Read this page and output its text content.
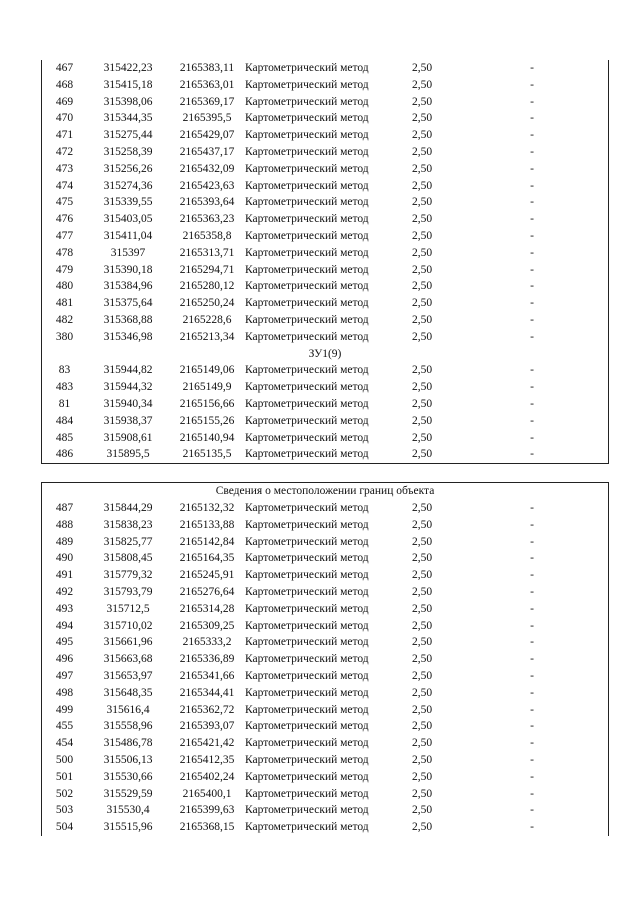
467	315422,23	2165383,11 Картометрический метод	2,50	-
468	315415,18	2165363,01 Картометрический метод	2,50	-
469	315398,06	2165369,17 Картометрический метод	2,50	-
470	315344,35	2165395,5	Картометрический метод	2,50	-
471	315275,44	2165429,07 Картометрический метод	2,50	-
472	315258,39	2165437,17 Картометрический метод	2,50	-
473	315256,26	2165432,09 Картометрический метод	2,50	-
474	315274,36	2165423,63 Картометрический метод	2,50	-
475	315339,55	2165393,64 Картометрический метод	2,50	-
476	315403,05	2165363,23 Картометрический метод	2,50	-
477	315411,04	2165358,8	Картометрический метод	2,50	-
478	315397	2165313,71 Картометрический метод	2,50	-
479	315390,18	2165294,71 Картометрический метод	2,50	-
480	315384,96	2165280,12 Картометрический метод	2,50	-
481	315375,64	2165250,24 Картометрический метод	2,50	-
482	315368,88	2165228,6	Картометрический метод	2,50	-
380	315346,98	2165213,34 Картометрический метод	2,50	-
ЗУ1(9)
83	315944,82	2165149,06 Картометрический метод	2,50	-
483	315944,32	2165149,9	Картометрический метод	2,50	-
81	315940,34	2165156,66 Картометрический метод	2,50	-
484	315938,37	2165155,26 Картометрический метод	2,50	-
485	315908,61	2165140,94 Картометрический метод	2,50	-
486	315895,5	2165135,5	Картометрический метод	2,50	-
Сведения о местоположении границ объекта
487	315844,29	2165132,32 Картометрический метод	2,50	-
488	315838,23	2165133,88 Картометрический метод	2,50	-
489	315825,77	2165142,84 Картометрический метод	2,50	-
490	315808,45	2165164,35 Картометрический метод	2,50	-
491	315779,32	2165245,91 Картометрический метод	2,50	-
492	315793,79	2165276,64 Картометрический метод	2,50	-
493	315712,5	2165314,28 Картометрический метод	2,50	-
494	315710,02	2165309,25 Картометрический метод	2,50	-
495	315661,96	2165333,2	Картометрический метод	2,50	-
496	315663,68	2165336,89 Картометрический метод	2,50	-
497	315653,97	2165341,66 Картометрический метод	2,50	-
498	315648,35	2165344,41 Картометрический метод	2,50	-
499	315616,4	2165362,72 Картометрический метод	2,50	-
455	315558,96	2165393,07 Картометрический метод	2,50	-
454	315486,78	2165421,42 Картометрический метод	2,50	-
500	315506,13	2165412,35 Картометрический метод	2,50	-
501	315530,66	2165402,24 Картометрический метод	2,50	-
502	315529,59	2165400,1	Картометрический метод	2,50	-
503	315530,4	2165399,63 Картометрический метод	2,50	-
504	315515,96	2165368,15 Картометрический метод	2,50	-
